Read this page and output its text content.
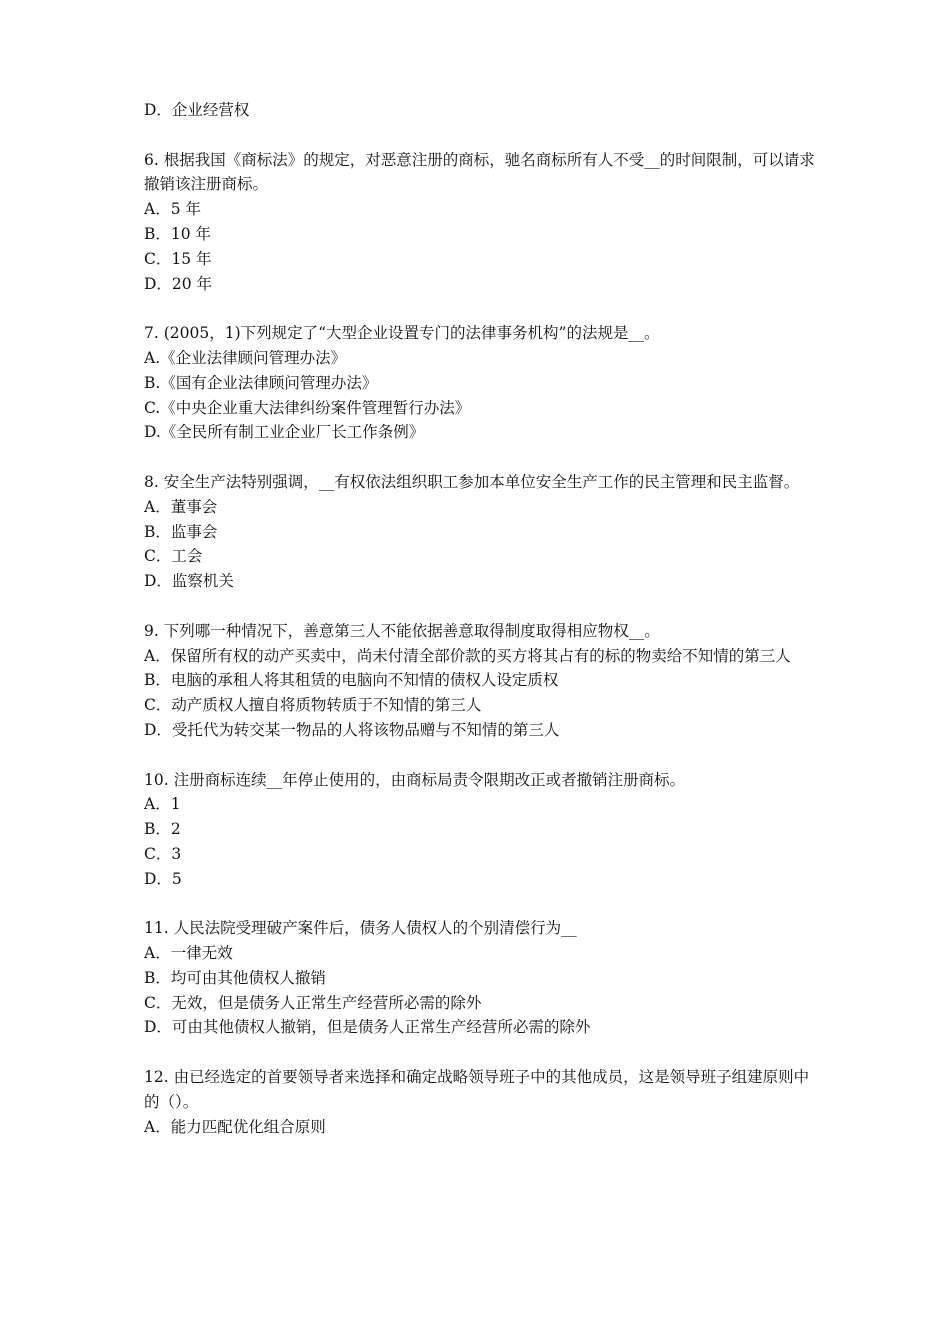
D．企业经营权
6. 根据我国《商标法》的规定，对恶意注册的商标，驰名商标所有人不受__的时间限制，可以请求撤销该注册商标。
A．5 年
B．10 年
C．15 年
D．20 年
7. (2005，1)下列规定了“大型企业设置专门的法律事务机构”的法规是__。
A.《企业法律顾问管理办法》
B.《国有企业法律顾问管理办法》
C.《中央企业重大法律纠纷案件管理暂行办法》
D.《全民所有制工业企业厂长工作条例》
8. 安全生产法特别强调，__有权依法组织职工参加本单位安全生产工作的民主管理和民主监督。
A．董事会
B．监事会
C．工会
D．监察机关
9. 下列哪一种情况下，善意第三人不能依据善意取得制度取得相应物权__。
A．保留所有权的动产买卖中，尚未付清全部价款的买方将其占有的标的物卖给不知情的第三人
B．电脑的承租人将其租赁的电脑向不知情的债权人设定质权
C．动产质权人擅自将质物转质于不知情的第三人
D．受托代为转交某一物品的人将该物品赠与不知情的第三人
10. 注册商标连续__年停止使用的，由商标局责令限期改正或者撤销注册商标。
A．1
B．2
C．3
D．5
11. 人民法院受理破产案件后，债务人债权人的个别清偿行为__
A．一律无效
B．均可由其他债权人撤销
C．无效，但是债务人正常生产经营所必需的除外
D．可由其他债权人撤销，但是债务人正常生产经营所必需的除外
12. 由已经选定的首要领导者来选择和确定战略领导班子中的其他成员，这是领导班子组建原则中的（）。
A．能力匹配优化组合原则
